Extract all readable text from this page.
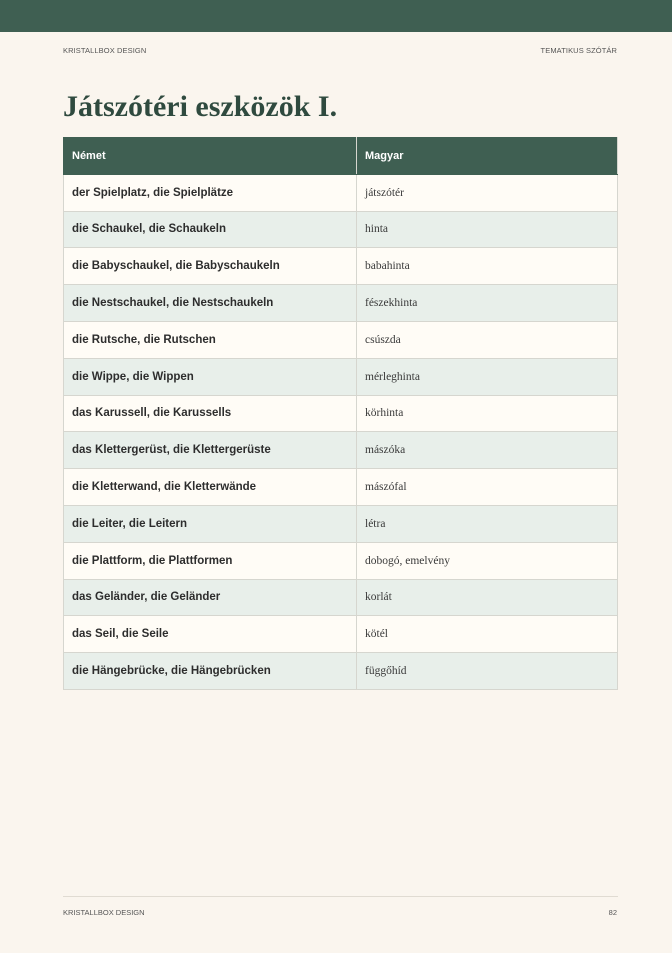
KRISTALLBOX DESIGN	TEMATIKUS SZÓTÁR
Játszótéri eszközök I.
Német	Magyar
der Spielplatz, die Spielplätze	játszótér
die Schaukel, die Schaukeln	hinta
die Babyschaukel, die Babyschaukeln	babahinta
die Nestschaukel, die Nestschaukeln	fészekhinta
die Rutsche, die Rutschen	csúszda
die Wippe, die Wippen	mérleghinta
das Karussell, die Karussells	körhinta
das Klettergerüst, die Klettergerüste	mászóka
die Kletterwand, die Kletterwände	mászófal
die Leiter, die Leitern	létra
die Plattform, die Plattformen	dobogó, emelvény
das Geländer, die Geländer	korlát
das Seil, die Seile	kötél
die Hängebrücke, die Hängebrücken	függőhíd
KRISTALLBOX DESIGN	82
